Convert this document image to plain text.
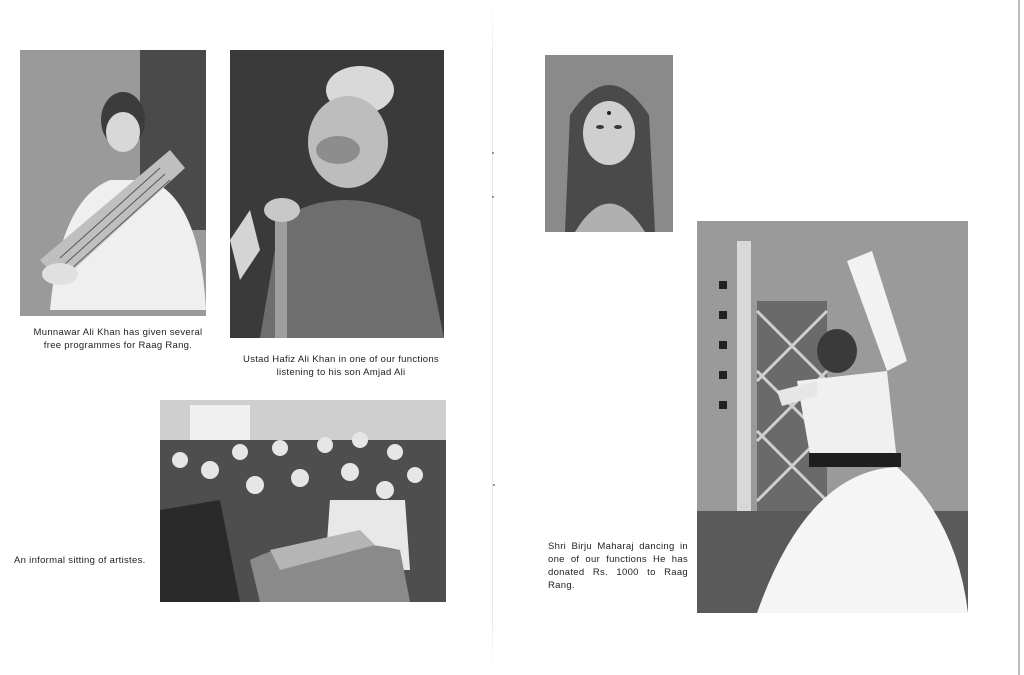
Munnawar Ali Khan has given several free programmes for Raag Rang.

Ustad Hafiz Ali Khan in one of our functions
listening to his son Amjad Ali

An informal sitting of artistes.

Shri Birju Maharaj dancing in one of our functions He has donated Rs. 1000 to Raag Rang.
